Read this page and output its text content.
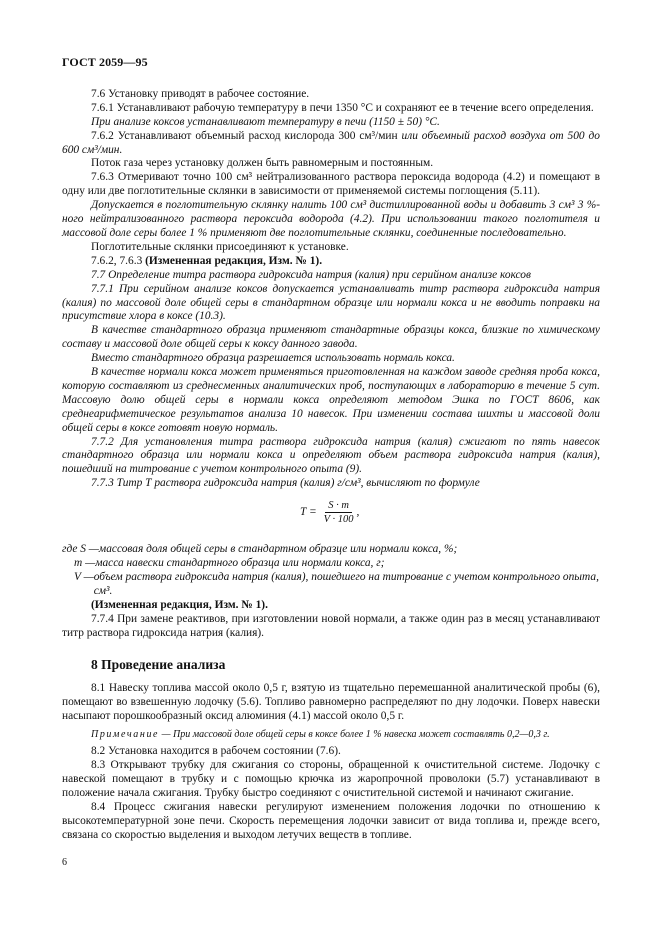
ГОСТ 2059—95

7.6 Установку приводят в рабочее состояние.

7.6.1 Устанавливают рабочую температуру в печи 1350 °С и сохраняют ее в течение всего определения.

При анализе коксов устанавливают температуру в печи (1150 ± 50) °С.

7.6.2 Устанавливают объемный расход кислорода 300 см³/мин или объемный расход воздуха от 500 до 600 см³/мин.

Поток газа через установку должен быть равномерным и постоянным.

7.6.3 Отмеривают точно 100 см³ нейтрализованного раствора пероксида водорода (4.2) и помещают в одну или две поглотительные склянки в зависимости от применяемой системы поглощения (5.11).

Допускается в поглотительную склянку налить 100 см³ дистиллированной воды и добавить 3 см³ 3 %-ного нейтрализованного раствора пероксида водорода (4.2). При использовании такого поглотителя и массовой доле серы более 1 % применяют две поглотительные склянки, соединенные последовательно.

Поглотительные склянки присоединяют к установке.

7.6.2, 7.6.3 (Измененная редакция, Изм. № 1).

7.7 Определение титра раствора гидроксида натрия (калия) при серийном анализе коксов

7.7.1 При серийном анализе коксов допускается устанавливать титр раствора гидроксида натрия (калия) по массовой доле общей серы в стандартном образце или нормали кокса и не вводить поправки на присутствие хлора в коксе (10.3).

В качестве стандартного образца применяют стандартные образцы кокса, близкие по химическому составу и массовой доле общей серы к коксу данного завода.

Вместо стандартного образца разрешается использовать нормаль кокса.

В качестве нормали кокса может применяться приготовленная на каждом заводе средняя проба кокса, которую составляют из среднесменных аналитических проб, поступающих в лабораторию в течение 5 сут. Массовую долю общей серы в нормали кокса определяют методом Эшка по ГОСТ 8606, как среднеарифметическое результатов анализа 10 навесок. При изменении состава шихты и массовой доли общей серы в коксе готовят новую нормаль.

7.7.2 Для установления титра раствора гидроксида натрия (калия) сжигают по пять навесок стандартного образца или нормали кокса и определяют объем раствора гидроксида натрия (калия), пошедший на титрование с учетом контрольного опыта (9).

7.7.3 Титр Т раствора гидроксида натрия (калия) г/см³, вычисляют по формуле

$T = \frac{S \cdot m}{V \cdot 100}$ ,
где S — массовая доля общей серы в стандартном образце или нормали кокса, %;
m — масса навески стандартного образца или нормали кокса, г;
V — объем раствора гидроксида натрия (калия), пошедшего на титрование с учетом контрольного опыта, см³.

(Измененная редакция, Изм. № 1).

7.7.4 При замене реактивов, при изготовлении новой нормали, а также один раз в месяц устанавливают титр раствора гидроксида натрия (калия).

8 Проведение анализа

8.1 Навеску топлива массой около 0,5 г, взятую из тщательно перемешанной аналитической пробы (6), помещают во взвешенную лодочку (5.6). Топливо равномерно распределяют по дну лодочки. Поверх навески насыпают порошкообразный оксид алюминия (4.1) массой около 0,5 г.

Примечание — При массовой доле общей серы в коксе более 1 % навеска может составлять 0,2—0,3 г.

8.2 Установка находится в рабочем состоянии (7.6).

8.3 Открывают трубку для сжигания со стороны, обращенной к очистительной системе. Лодочку с навеской помещают в трубку и с помощью крючка из жаропрочной проволоки (5.7) устанавливают в положение начала сжигания. Трубку быстро соединяют с очистительной системой и начинают сжигание.

8.4 Процесс сжигания навески регулируют изменением положения лодочки по отношению к высокотемпературной зоне печи. Скорость перемещения лодочки зависит от вида топлива и, прежде всего, связана со скоростью выделения и выходом летучих веществ в топливе.

6
